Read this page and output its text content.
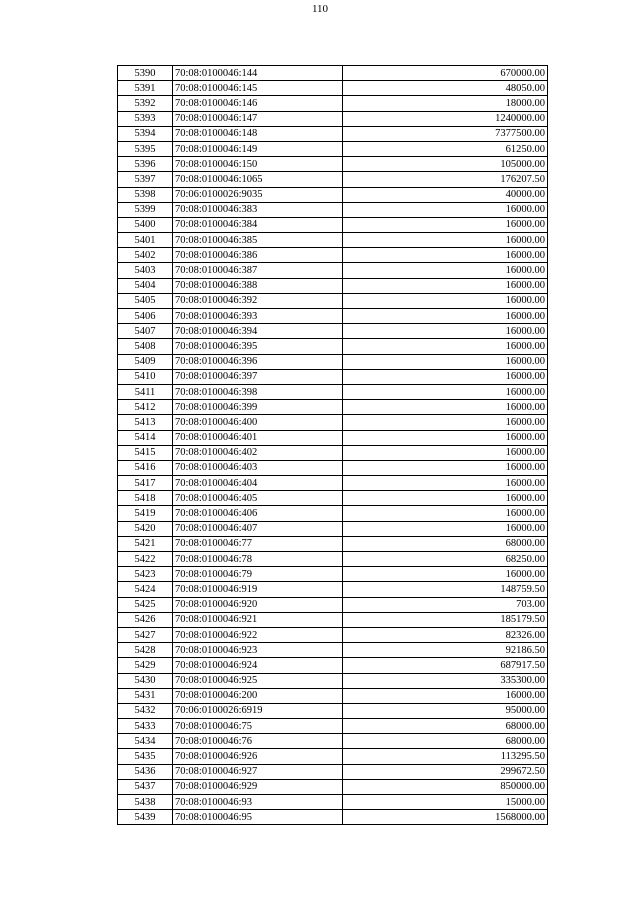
110
5390	70:08:0100046:144	670000.00
5391	70:08:0100046:145	48050.00
5392	70:08:0100046:146	18000.00
5393	70:08:0100046:147	1240000.00
5394	70:08:0100046:148	7377500.00
5395	70:08:0100046:149	61250.00
5396	70:08:0100046:150	105000.00
5397	70:08:0100046:1065	176207.50
5398	70:06:0100026:9035	40000.00
5399	70:08:0100046:383	16000.00
5400	70:08:0100046:384	16000.00
5401	70:08:0100046:385	16000.00
5402	70:08:0100046:386	16000.00
5403	70:08:0100046:387	16000.00
5404	70:08:0100046:388	16000.00
5405	70:08:0100046:392	16000.00
5406	70:08:0100046:393	16000.00
5407	70:08:0100046:394	16000.00
5408	70:08:0100046:395	16000.00
5409	70:08:0100046:396	16000.00
5410	70:08:0100046:397	16000.00
5411	70:08:0100046:398	16000.00
5412	70:08:0100046:399	16000.00
5413	70:08:0100046:400	16000.00
5414	70:08:0100046:401	16000.00
5415	70:08:0100046:402	16000.00
5416	70:08:0100046:403	16000.00
5417	70:08:0100046:404	16000.00
5418	70:08:0100046:405	16000.00
5419	70:08:0100046:406	16000.00
5420	70:08:0100046:407	16000.00
5421	70:08:0100046:77	68000.00
5422	70:08:0100046:78	68250.00
5423	70:08:0100046:79	16000.00
5424	70:08:0100046:919	148759.50
5425	70:08:0100046:920	703.00
5426	70:08:0100046:921	185179.50
5427	70:08:0100046:922	82326.00
5428	70:08:0100046:923	92186.50
5429	70:08:0100046:924	687917.50
5430	70:08:0100046:925	335300.00
5431	70:08:0100046:200	16000.00
5432	70:06:0100026:6919	95000.00
5433	70:08:0100046:75	68000.00
5434	70:08:0100046:76	68000.00
5435	70:08:0100046:926	113295.50
5436	70:08:0100046:927	299672.50
5437	70:08:0100046:929	850000.00
5438	70:08:0100046:93	15000.00
5439	70:08:0100046:95	1568000.00
